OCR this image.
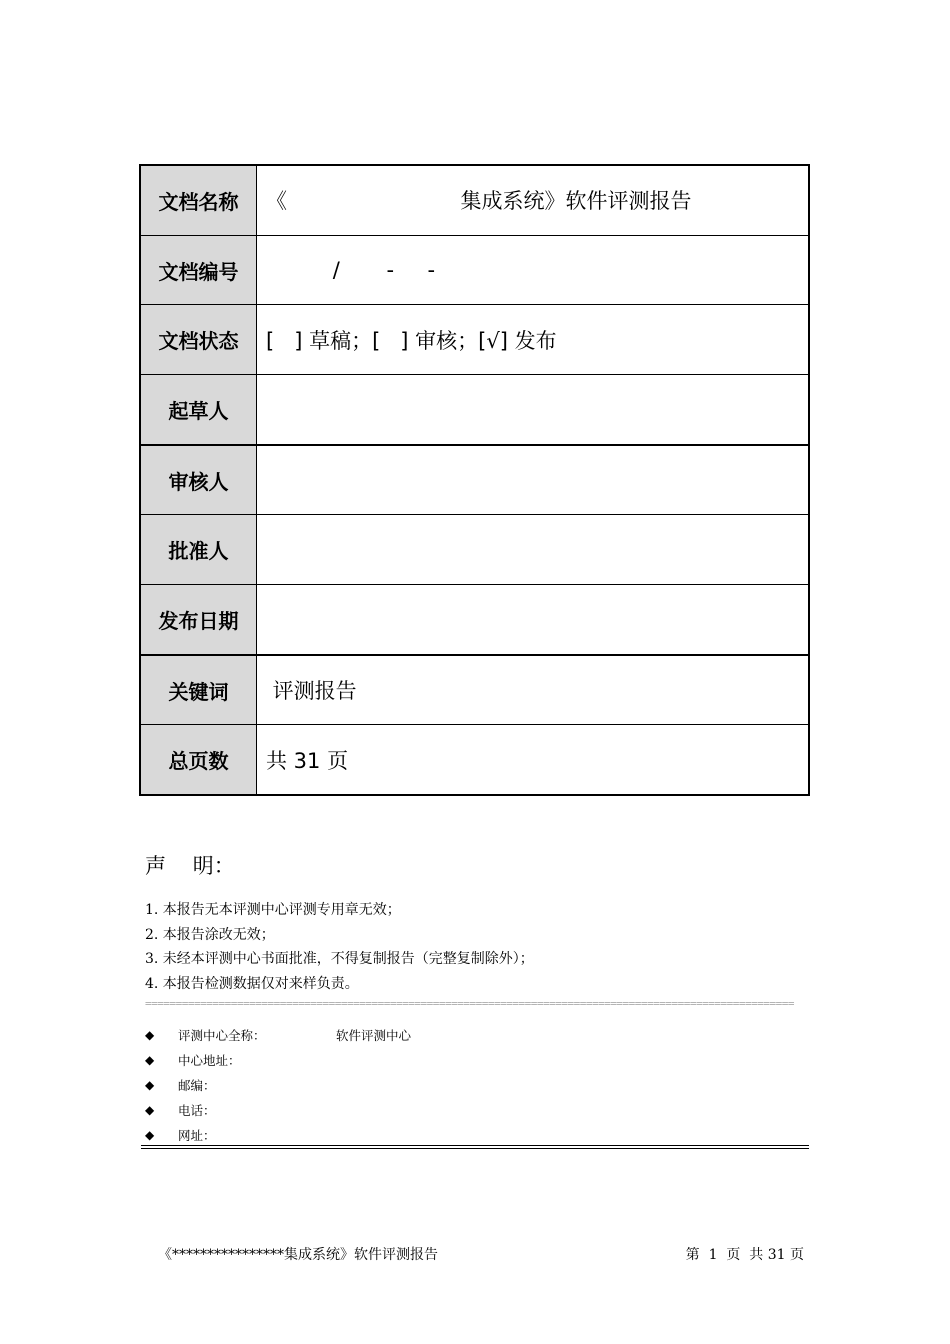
文档名称	《                          集成系统》软件评测报告
文档编号	/       -     -
文档状态	[   ] 草稿；[   ] 审核；[√] 发布
起草人
审核人
批准人
发布日期
关键词	评测报告
总页数	共 31 页
声    明：
1. 本报告无本评测中心评测专用章无效；
2. 本报告涂改无效；
3. 未经本评测中心书面批准，不得复制报告（完整复制除外）；
4. 本报告检测数据仅对来样负责。
==========================================================================================================
◆	评测中心全称：	软件评测中心
◆	中心地址：
◆	邮编：
◆	电话：
◆	网址：
《****************集成系统》软件评测报告	第  1  页  共 31 页
